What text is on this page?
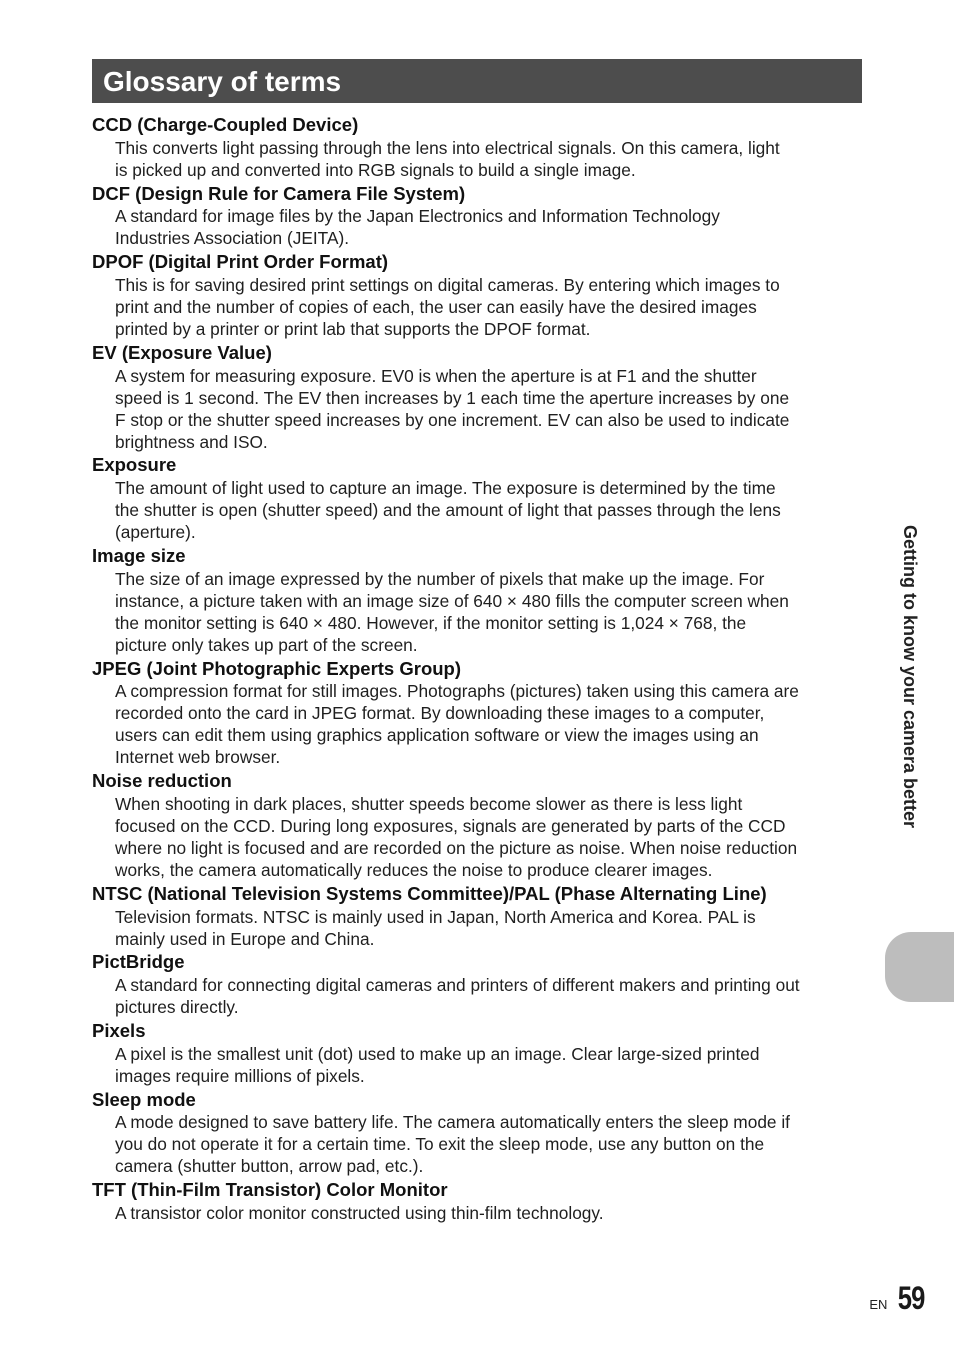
Glossary of terms

CCD (Charge-Coupled Device)

This converts light passing through the lens into electrical signals. On this camera, light
is picked up and converted into RGB signals to build a single image.

DCF (Design Rule for Camera File System)

A standard for image files by the Japan Electronics and Information Technology
Industries Association (JEITA).

DPOF (Digital Print Order Format)

This is for saving desired print settings on digital cameras. By entering which images to
print and the number of copies of each, the user can easily have the desired images
printed by a printer or print lab that supports the DPOF format.

EV (Exposure Value)

A system for measuring exposure. EV0 is when the aperture is at F1 and the shutter
speed is 1 second. The EV then increases by 1 each time the aperture increases by one
F stop or the shutter speed increases by one increment. EV can also be used to indicate
brightness and ISO.

Exposure

The amount of light used to capture an image. The exposure is determined by the time
the shutter is open (shutter speed) and the amount of light that passes through the lens
(aperture).

Image size

The size of an image expressed by the number of pixels that make up the image. For
instance, a picture taken with an image size of 640 × 480 fills the computer screen when
the monitor setting is 640 × 480. However, if the monitor setting is 1,024 × 768, the
picture only takes up part of the screen.

JPEG (Joint Photographic Experts Group)

A compression format for still images. Photographs (pictures) taken using this camera are
recorded onto the card in JPEG format. By downloading these images to a computer,
users can edit them using graphics application software or view the images using an
Internet web browser.

Noise reduction

When shooting in dark places, shutter speeds become slower as there is less light
focused on the CCD. During long exposures, signals are generated by parts of the CCD
where no light is focused and are recorded on the picture as noise. When noise reduction
works, the camera automatically reduces the noise to produce clearer images.

NTSC (National Television Systems Committee)/PAL (Phase Alternating Line)

Television formats. NTSC is mainly used in Japan, North America and Korea. PAL is
mainly used in Europe and China.

PictBridge

A standard for connecting digital cameras and printers of different makers and printing out
pictures directly.

Pixels

A pixel is the smallest unit (dot) used to make up an image. Clear large-sized printed
images require millions of pixels.

Sleep mode

A mode designed to save battery life. The camera automatically enters the sleep mode if
you do not operate it for a certain time. To exit the sleep mode, use any button on the
camera (shutter button, arrow pad, etc.).

TFT (Thin-Film Transistor) Color Monitor

A transistor color monitor constructed using thin-film technology.

Getting to know your camera better
EN 59
